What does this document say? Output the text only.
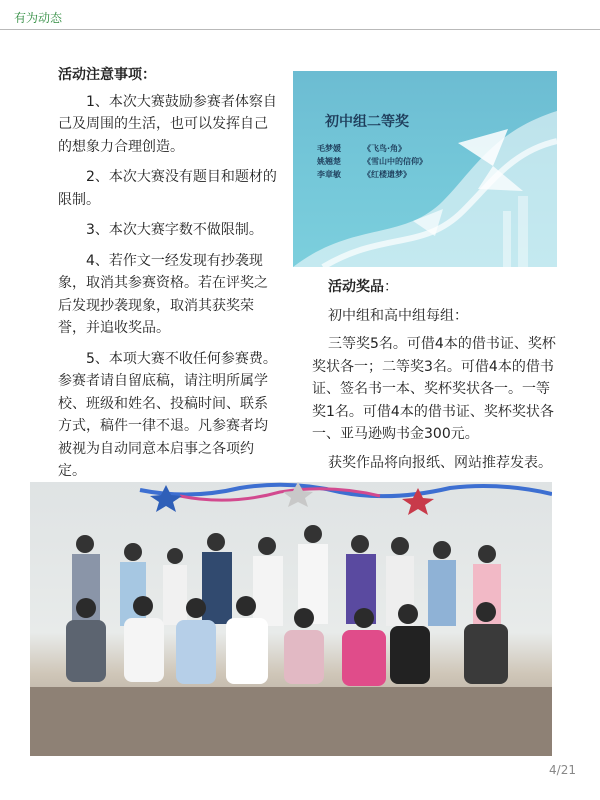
有为动态

活动注意事项：

1、本次大赛鼓励参赛者体察自己及周围的生活，也可以发挥自己的想象力合理创造。

2、本次大赛没有题目和题材的限制。

3、本次大赛字数不做限制。

4、若作文一经发现有抄袭现象，取消其参赛资格。若在评奖之后发现抄袭现象，取消其获奖荣誉，并追收奖品。

5、本项大赛不收任何参赛费。参赛者请自留底稿，请注明所属学校、班级和姓名、投稿时间、联系方式，稿件一律不退。凡参赛者均被视为自动同意本启事之各项约定。

初中组二等奖
毛梦媛	《飞鸟·角》
姚翘楚	《雪山中的信仰》
李章敏	《红楼遗梦》

活动奖品：

初中组和高中组每组：

三等奖5名。可借4本的借书证、奖杯奖状各一；二等奖3名。可借4本的借书证、签名书一本、奖杯奖状各一。一等奖1名。可借4本的借书证、奖杯奖状各一、亚马逊购书金300元。

获奖作品将向报纸、网站推荐发表。

4/21
